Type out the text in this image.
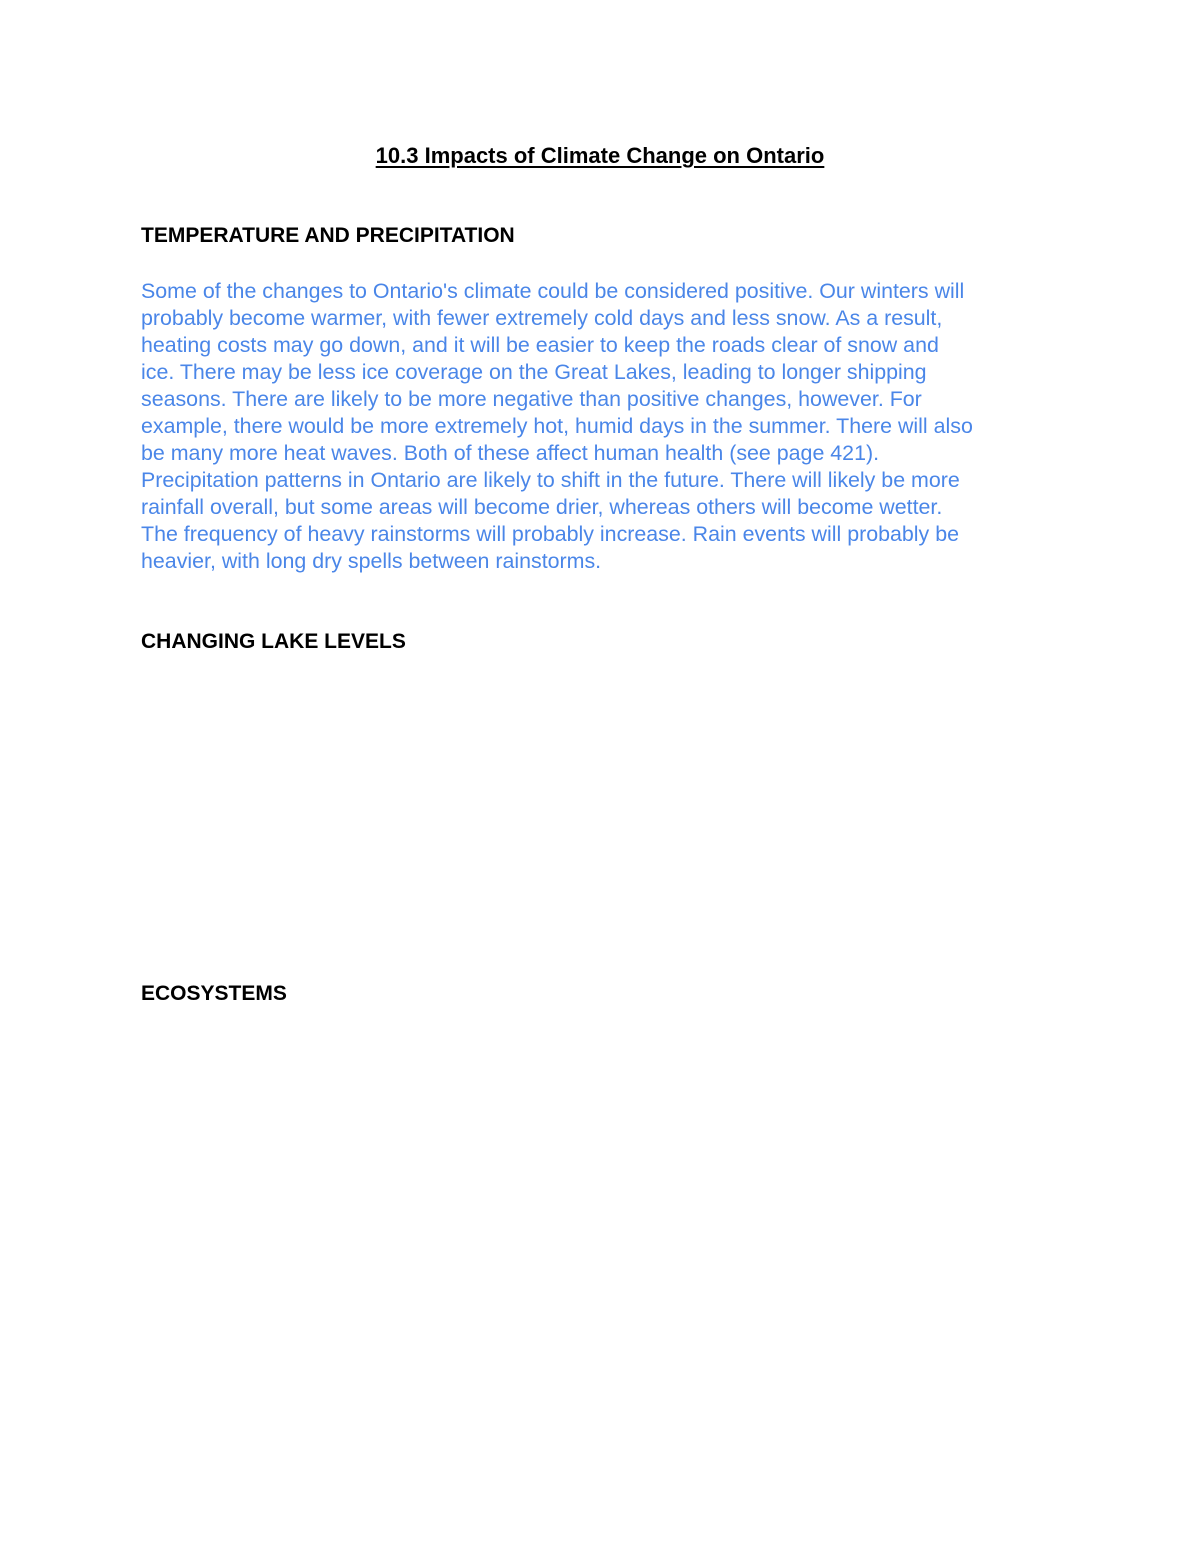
10.3 Impacts of Climate Change on Ontario
TEMPERATURE AND PRECIPITATION

Some of the changes to Ontario's climate could be considered positive. Our winters will
probably become warmer, with fewer extremely cold days and less snow. As a result,
heating costs may go down, and it will be easier to keep the roads clear of snow and
ice. There may be less ice coverage on the Great Lakes, leading to longer shipping
seasons. There are likely to be more negative than positive changes, however. For
example, there would be more extremely hot, humid days in the summer. There will also
be many more heat waves. Both of these affect human health (see page 421).
Precipitation patterns in Ontario are likely to shift in the future. There will likely be more
rainfall overall, but some areas will become drier, whereas others will become wetter.
The frequency of heavy rainstorms will probably increase. Rain events will probably be
heavier, with long dry spells between rainstorms.

CHANGING LAKE LEVELS
ECOSYSTEMS
